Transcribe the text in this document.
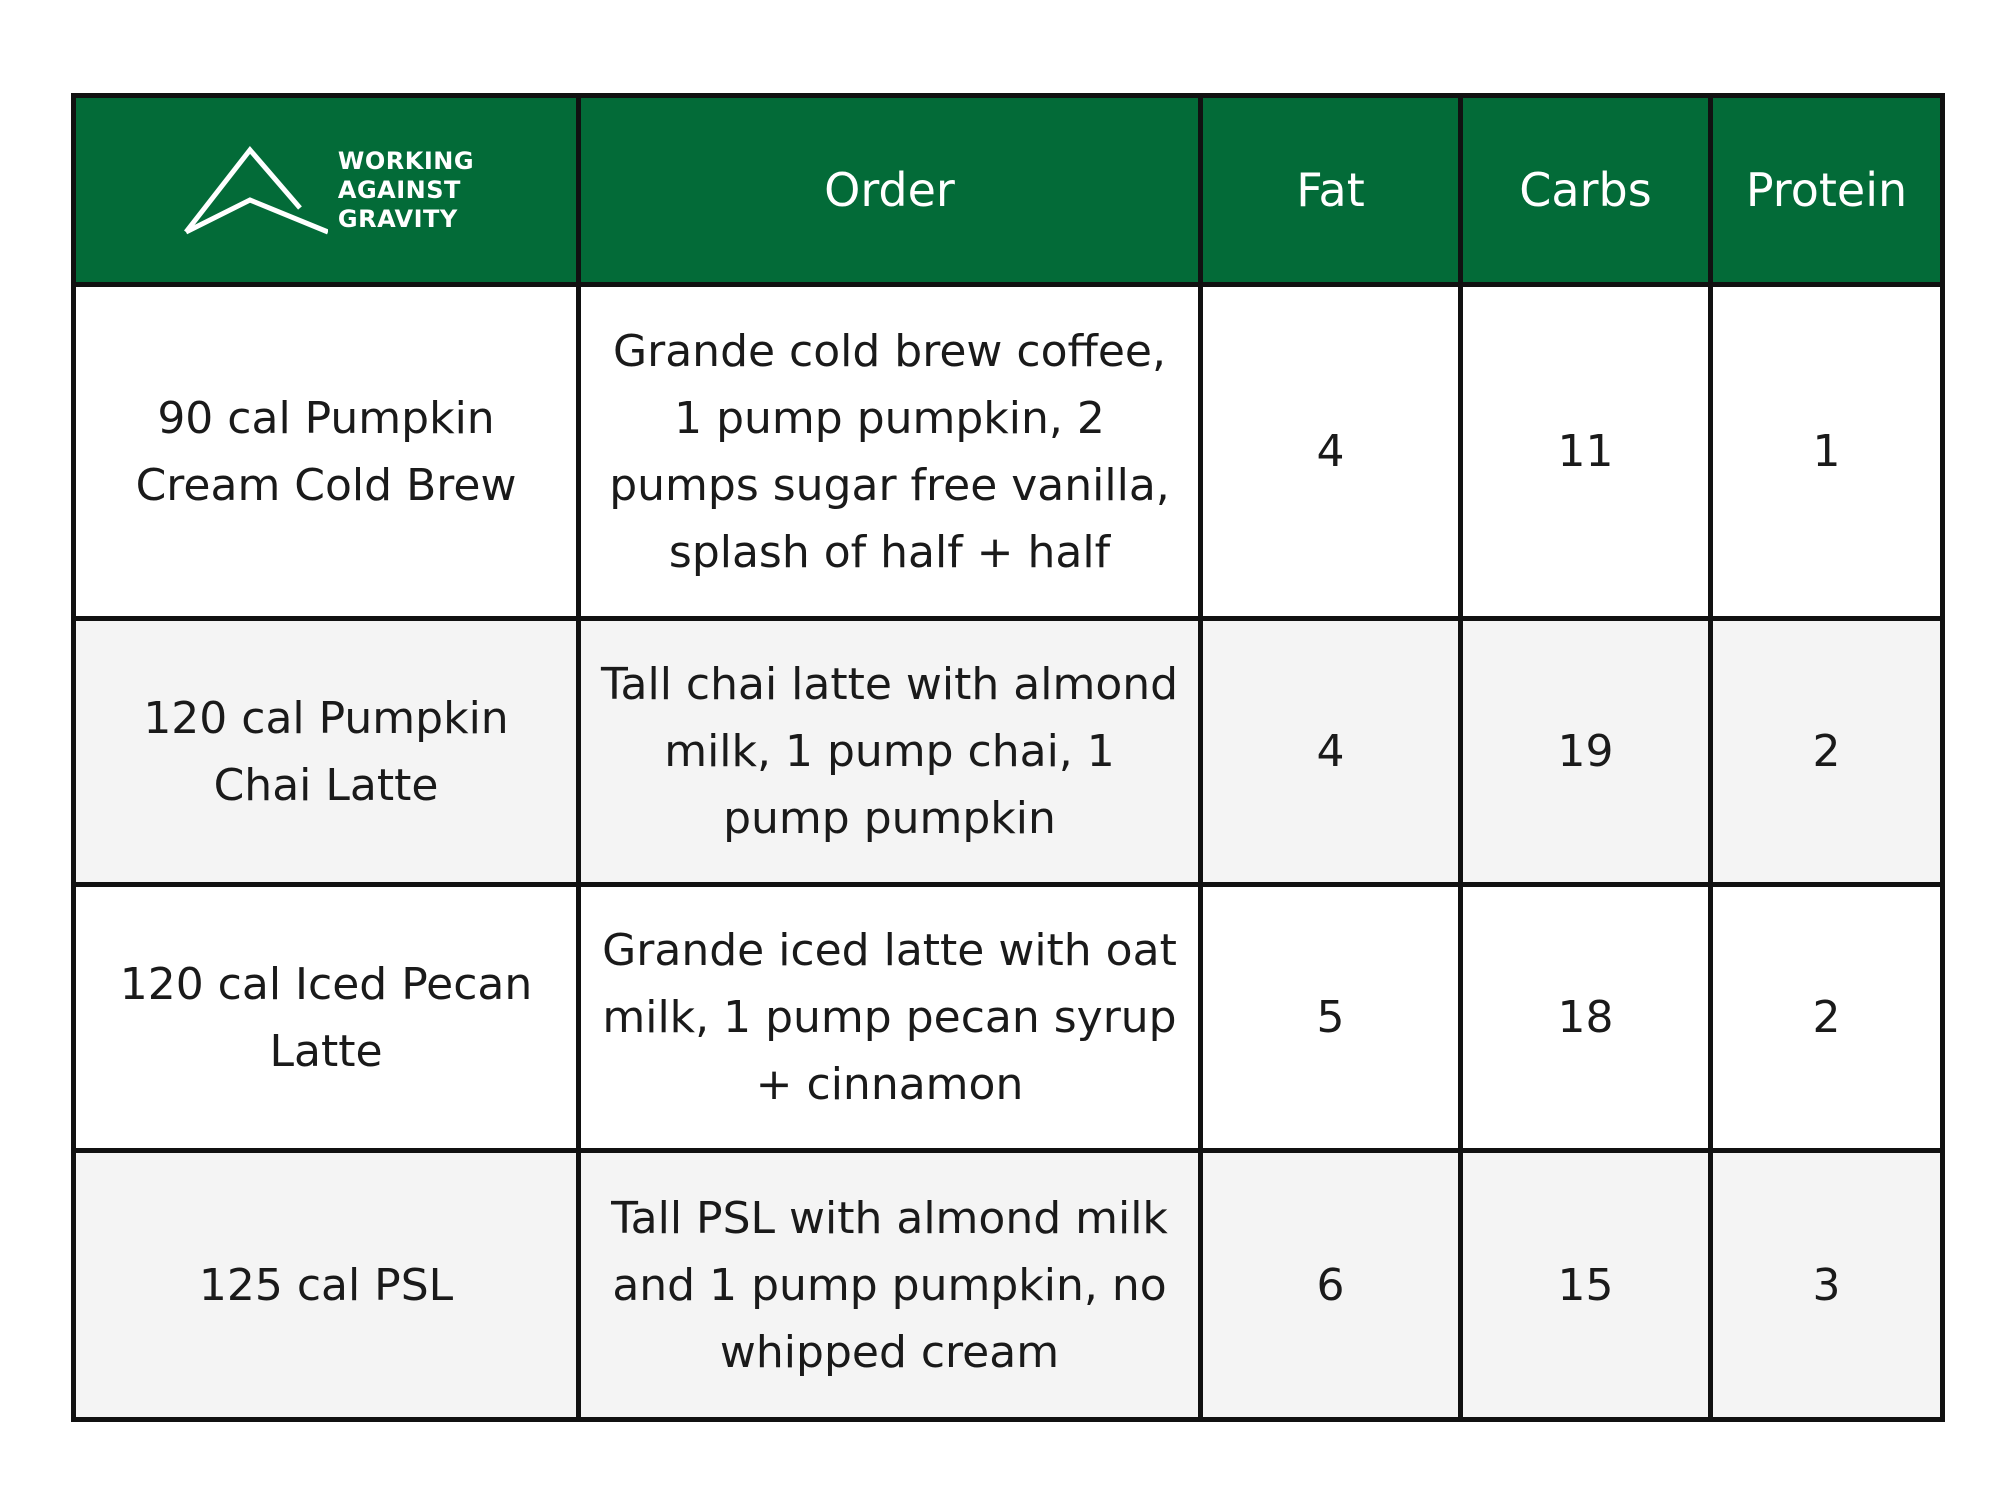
WORKING
AGAINST
GRAVITY	Order	Fat	Carbs	Protein
90 cal Pumpkin Cream Cold Brew	Grande cold brew coffee, 1 pump pumpkin, 2 pumps sugar free vanilla, splash of half + half	4	11	1
120 cal Pumpkin Chai Latte	Tall chai latte with almond milk, 1 pump chai, 1 pump pumpkin	4	19	2
120 cal Iced Pecan Latte	Grande iced latte with oat milk, 1 pump pecan syrup + cinnamon	5	18	2
125 cal PSL	Tall PSL with almond milk and 1 pump pumpkin, no whipped cream	6	15	3
